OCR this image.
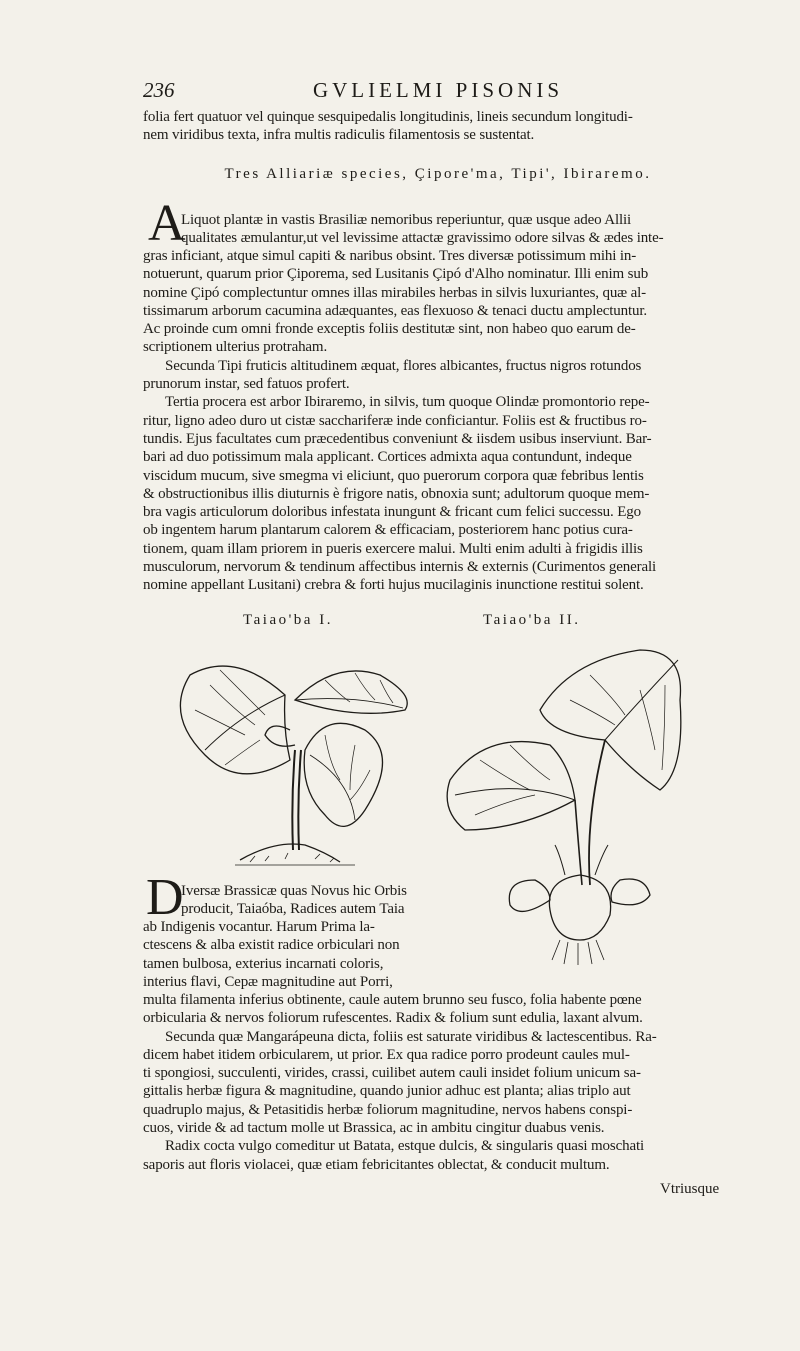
236	GVLIELMI PISONIS
folia fert quatuor vel quinque sesquipedalis longitudinis, lineis secundum longitudi-
nem viridibus texta, infra multis radiculis filamentosis se sustentat.
Tres Alliariæ species, Çipore'ma, Tipi', Ibiraremo.
A
Liquot plantæ in vastis Brasiliæ nemoribus reperiuntur, quæ usque adeo Allii
qualitates æmulantur,ut vel levissime attactæ gravissimo odore silvas & ædes inte-
gras inficiant, atque simul capiti & naribus obsint. Tres diversæ potissimum mihi in-
notuerunt, quarum prior Çiporema, sed Lusitanis Çipó d'Alho nominatur. Illi enim sub
nomine Çipó complectuntur omnes illas mirabiles herbas in silvis luxuriantes, quæ al-
tissimarum arborum cacumina adæquantes, eas flexuoso & tenaci ductu amplectuntur.
Ac proinde cum omni fronde exceptis foliis destitutæ sint, non habeo quo earum de-
scriptionem ulterius protraham.
Secunda Tipi fruticis altitudinem æquat, flores albicantes, fructus nigros rotundos
prunorum instar, sed fatuos profert.
Tertia procera est arbor Ibiraremo, in silvis, tum quoque Olindæ promontorio repe-
ritur, ligno adeo duro ut cistæ sacchariferæ inde conficiantur. Foliis est & fructibus ro-
tundis. Ejus facultates cum præcedentibus conveniunt & iisdem usibus inserviunt. Bar-
bari ad duo potissimum mala applicant. Cortices admixta aqua contundunt, indeque
viscidum mucum, sive smegma vi eliciunt, quo puerorum corpora quæ febribus lentis
& obstructionibus illis diuturnis è frigore natis, obnoxia sunt; adultorum quoque mem-
bra vagis articulorum doloribus infestata inungunt & fricant cum felici successu. Ego
ob ingentem harum plantarum calorem & efficaciam, posteriorem hanc potius cura-
tionem, quam illam priorem in pueris exercere malui. Multi enim adulti à frigidis illis
musculorum, nervorum & tendinum affectibus internis & externis (Curimentos generali
nomine appellant Lusitani) crebra & forti hujus mucilaginis inunctione restitui solent.
Taiao'ba I.	Taiao'ba II.
D
Iversæ Brassicæ quas Novus hic Orbis
producit, Taiaóba, Radices autem Taia
ab Indigenis vocantur. Harum Prima la-
ctescens & alba existit radice orbiculari non
tamen bulbosa, exterius incarnati coloris,
interius flavi, Cepæ magnitudine aut Porri,
multa filamenta inferius obtinente, caule autem brunno seu fusco, folia habente pœne
orbicularia & nervos foliorum rufescentes. Radix & folium sunt edulia, laxant alvum.
Secunda quæ Mangarápeuna dicta, foliis est saturate viridibus & lactescentibus. Ra-
dicem habet itidem orbicularem, ut prior. Ex qua radice porro prodeunt caules mul-
ti spongiosi, succulenti, virides, crassi, cuilibet autem cauli insidet folium unicum sa-
gittalis herbæ figura & magnitudine, quando junior adhuc est planta; alias triplo aut
quadruplo majus, & Petasitidis herbæ foliorum magnitudine, nervos habens conspi-
cuos, viride & ad tactum molle ut Brassica, ac in ambitu cingitur duabus venis.
Radix cocta vulgo comeditur ut Batata, estque dulcis, & singularis quasi moschati
saporis aut floris violacei, quæ etiam febricitantes oblectat, & conducit multum.
Vtriusque
